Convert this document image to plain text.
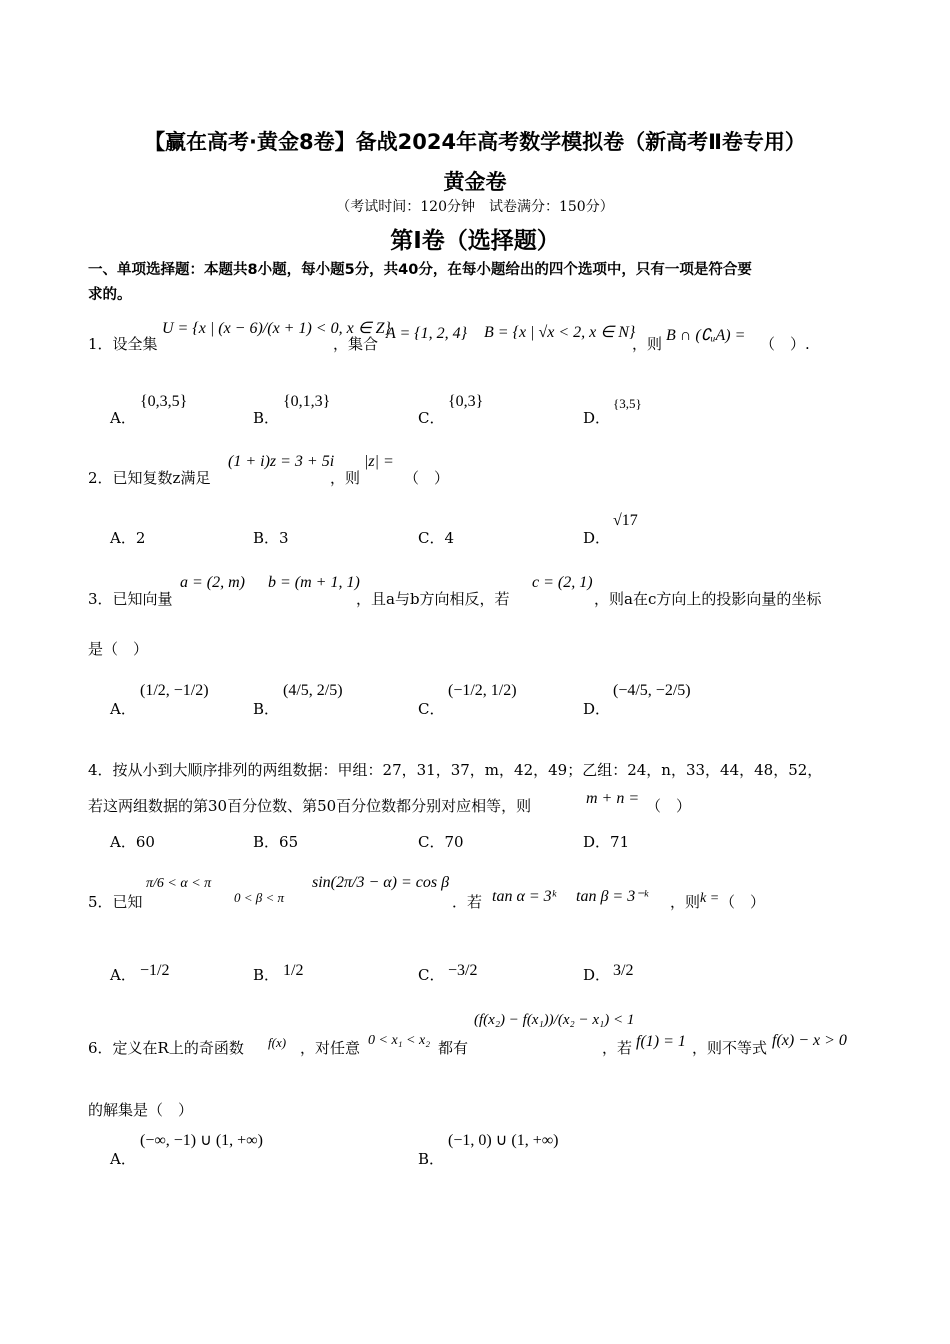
【赢在高考·黄金8卷】备战2024年高考数学模拟卷（新高考Ⅱ卷专用）
黄金卷
（考试时间：120分钟　试卷满分：150分）
第I卷（选择题）
一、单项选择题：本题共8小题，每小题5分，共40分，在每小题给出的四个选项中，只有一项是符合要
求的。
1．设全集
U = {x | (x − 6)/(x + 1) < 0, x ∈ Z}
，集合
A = {1, 2, 4} B = {x | √x < 2, x ∈ N}
，则 B ∩ (∁ᵤA) = （　）.
A．
{0,3,5}
B．
{0,1,3}
C．
{0,3}
D．
{3,5}
2．已知复数z满足
(1 + i)z = 3 + 5i
，则
|z| =
（　）
A．2	B．3	C．4	D．
√17
3．已知向量
a = (2, m) b = (m + 1, 1)
，且a与b方向相反，若
c = (2, 1)
，则a在c方向上的投影向量的坐标
是（　）
A．
(1/2, −1/2)
B．
(4/5, 2/5)
C．
(−1/2, 1/2)
D．
(−4/5, −2/5)
4．按从小到大顺序排列的两组数据：甲组：27，31，37，m，42，49；乙组：24，n，33，44，48，52，
若这两组数据的第30百分位数、第50百分位数都分别对应相等，则	m + n = （　）
A．60	B．65	C．70	D．71
5．已知
π/6 < α < π
0 < β < π
sin(2π/3 − α) = cos β
．若 tan α = 3ᵏ tan β = 3⁻ᵏ ，则 k = （　）
A． −1/2	B． 1/2	C． −3/2	D． 3/2
6．定义在R上的奇函数 f(x) ，对任意 0 < x₁ < x₂ 都有
(f(x₂) − f(x₁))/(x₂ − x₁) < 1
，若 f(1) = 1 ，则不等式 f(x) − x > 0
的解集是（　）
A．
(−∞, −1) ∪ (1, +∞)
B．
(−1, 0) ∪ (1, +∞)
